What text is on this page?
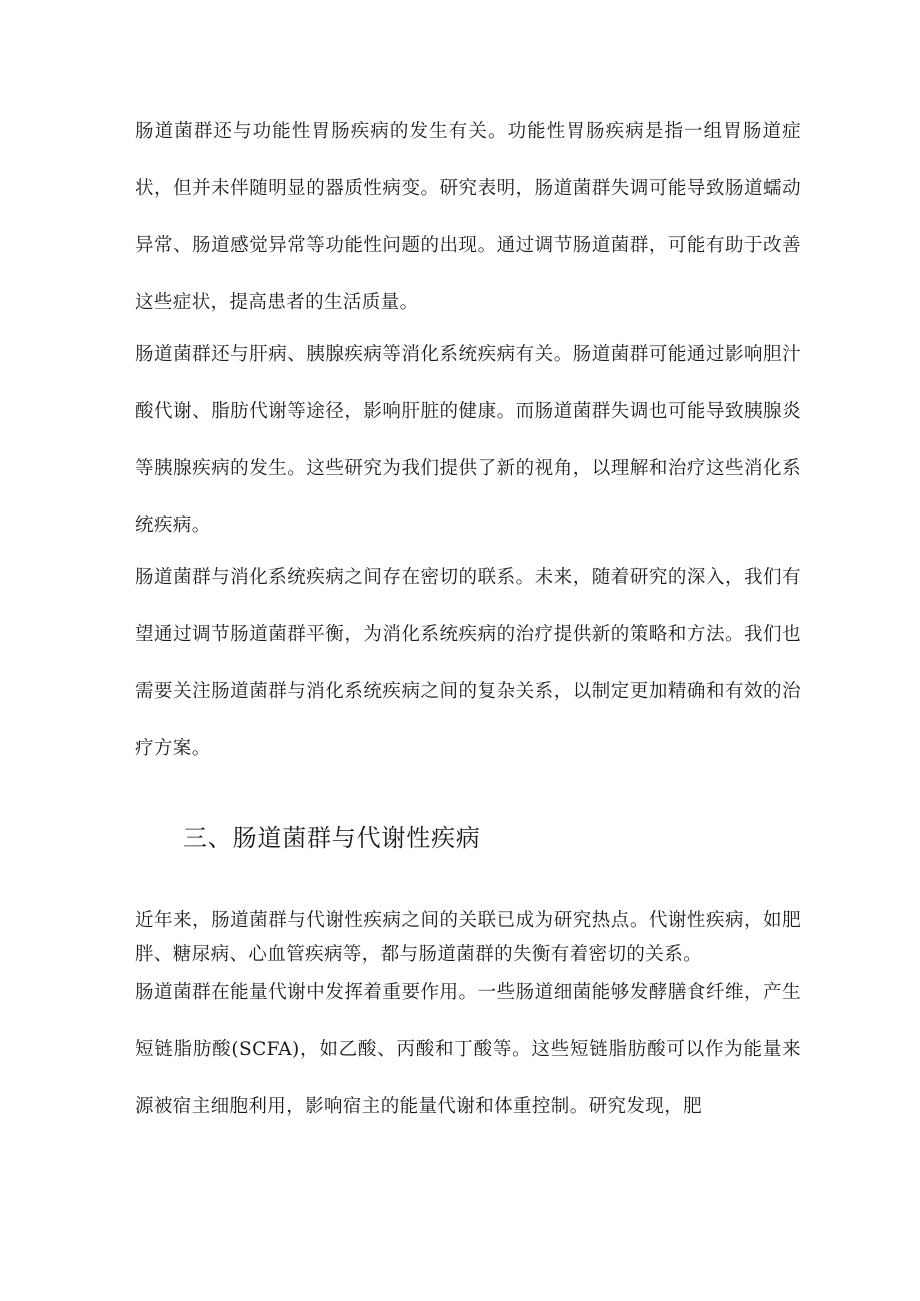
肠道菌群还与功能性胃肠疾病的发生有关。功能性胃肠疾病是指一组胃肠道症状，但并未伴随明显的器质性病变。研究表明，肠道菌群失调可能导致肠道蠕动异常、肠道感觉异常等功能性问题的出现。通过调节肠道菌群，可能有助于改善这些症状，提高患者的生活质量。

肠道菌群还与肝病、胰腺疾病等消化系统疾病有关。肠道菌群可能通过影响胆汁酸代谢、脂肪代谢等途径，影响肝脏的健康。而肠道菌群失调也可能导致胰腺炎等胰腺疾病的发生。这些研究为我们提供了新的视角，以理解和治疗这些消化系统疾病。

肠道菌群与消化系统疾病之间存在密切的联系。未来，随着研究的深入，我们有望通过调节肠道菌群平衡，为消化系统疾病的治疗提供新的策略和方法。我们也需要关注肠道菌群与消化系统疾病之间的复杂关系，以制定更加精确和有效的治疗方案。

三、肠道菌群与代谢性疾病

近年来，肠道菌群与代谢性疾病之间的关联已成为研究热点。代谢性疾病，如肥胖、糖尿病、心血管疾病等，都与肠道菌群的失衡有着密切的关系。

肠道菌群在能量代谢中发挥着重要作用。一些肠道细菌能够发酵膳食纤维，产生短链脂肪酸(SCFA)，如乙酸、丙酸和丁酸等。这些短链脂肪酸可以作为能量来源被宿主细胞利用，影响宿主的能量代谢和体重控制。研究发现，肥
